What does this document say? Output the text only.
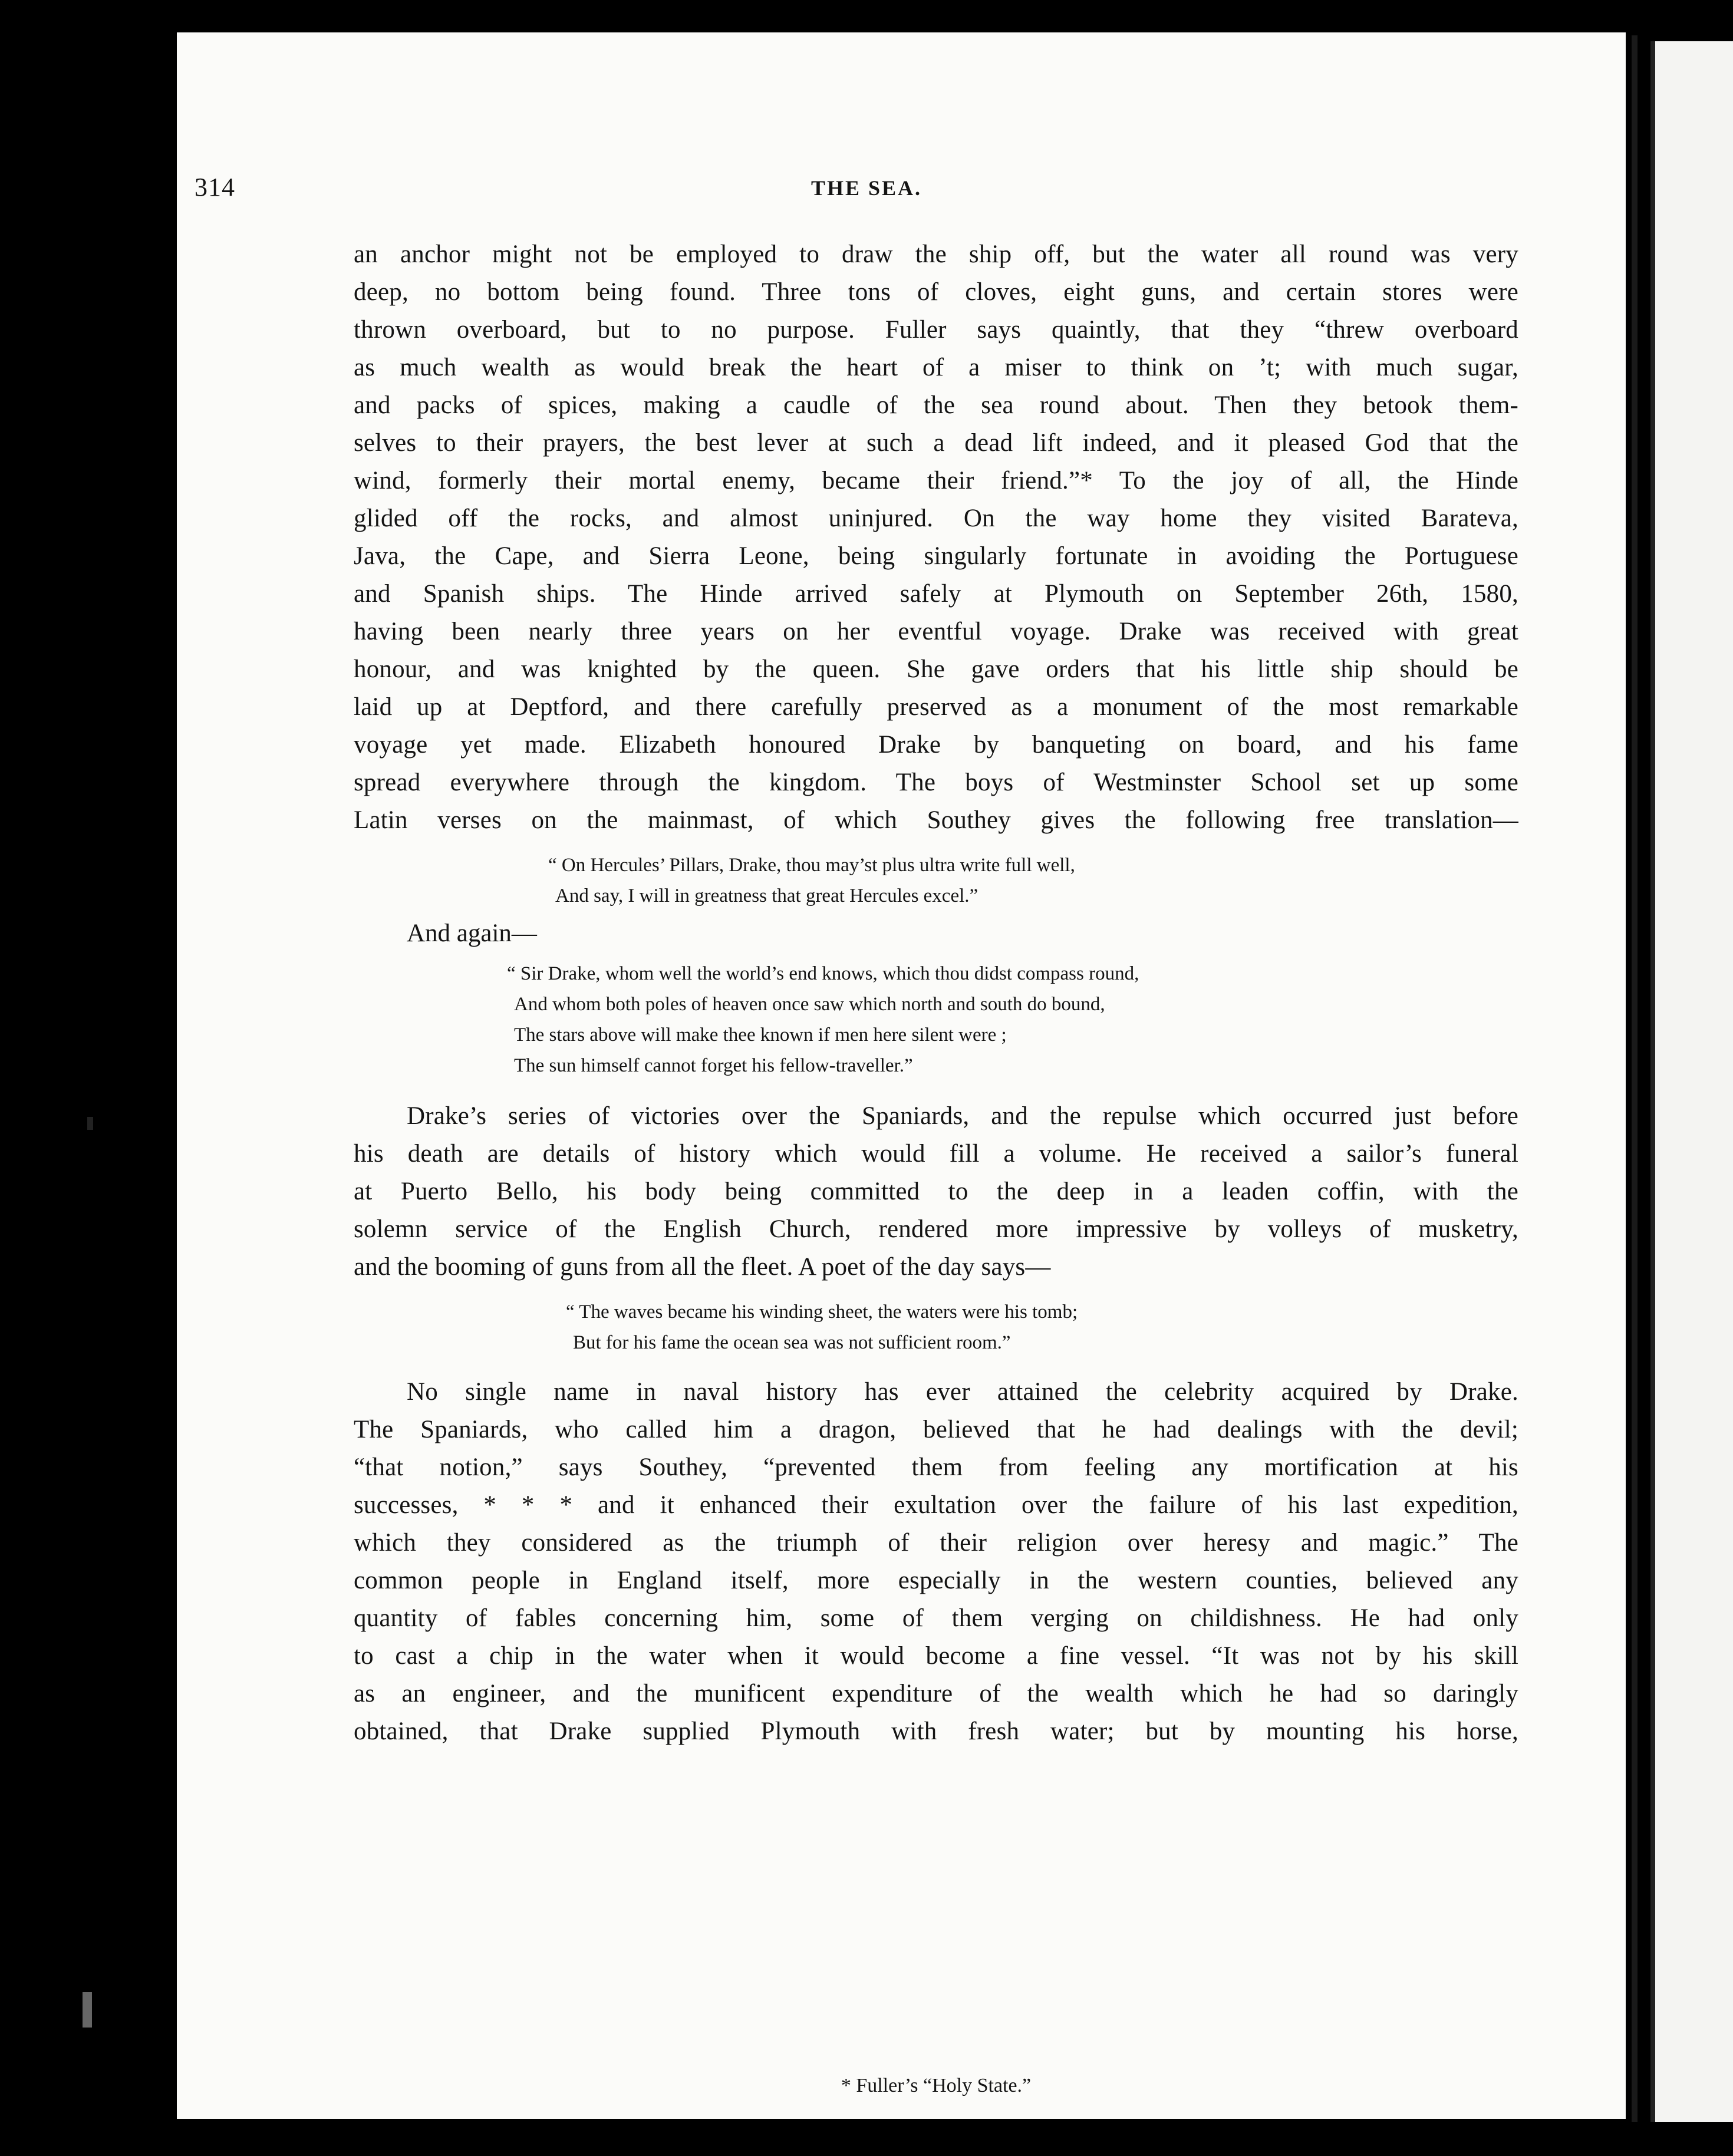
314	THE SEA.
an anchor might not be employed to draw the ship off, but the water all round was very
deep, no bottom being found. Three tons of cloves, eight guns, and certain stores were
thrown overboard, but to no purpose. Fuller says quaintly, that they “threw overboard
as much wealth as would break the heart of a miser to think on ’t; with much sugar,
and packs of spices, making a caudle of the sea round about. Then they betook them-
selves to their prayers, the best lever at such a dead lift indeed, and it pleased God that the
wind, formerly their mortal enemy, became their friend.”* To the joy of all, the Hinde
glided off the rocks, and almost uninjured. On the way home they visited Barateva,
Java, the Cape, and Sierra Leone, being singularly fortunate in avoiding the Portuguese
and Spanish ships. The Hinde arrived safely at Plymouth on September 26th, 1580,
having been nearly three years on her eventful voyage. Drake was received with great
honour, and was knighted by the queen. She gave orders that his little ship should be
laid up at Deptford, and there carefully preserved as a monument of the most remarkable
voyage yet made. Elizabeth honoured Drake by banqueting on board, and his fame
spread everywhere through the kingdom. The boys of Westminster School set up some
Latin verses on the mainmast, of which Southey gives the following free translation—
“ On Hercules’ Pillars, Drake, thou may’st plus ultra write full well,
And say, I will in greatness that great Hercules excel.”
And again—
“ Sir Drake, whom well the world’s end knows, which thou didst compass round,
And whom both poles of heaven once saw which north and south do bound,
The stars above will make thee known if men here silent were ;
The sun himself cannot forget his fellow-traveller.”
Drake’s series of victories over the Spaniards, and the repulse which occurred just before
his death are details of history which would fill a volume. He received a sailor’s funeral
at Puerto Bello, his body being committed to the deep in a leaden coffin, with the
solemn service of the English Church, rendered more impressive by volleys of musketry,
and the booming of guns from all the fleet. A poet of the day says—
“ The waves became his winding sheet, the waters were his tomb;
But for his fame the ocean sea was not sufficient room.”
No single name in naval history has ever attained the celebrity acquired by Drake.
The Spaniards, who called him a dragon, believed that he had dealings with the devil;
“that notion,” says Southey, “prevented them from feeling any mortification at his
successes, * * * and it enhanced their exultation over the failure of his last expedition,
which they considered as the triumph of their religion over heresy and magic.” The
common people in England itself, more especially in the western counties, believed any
quantity of fables concerning him, some of them verging on childishness. He had only
to cast a chip in the water when it would become a fine vessel. “It was not by his skill
as an engineer, and the munificent expenditure of the wealth which he had so daringly
obtained, that Drake supplied Plymouth with fresh water; but by mounting his horse,
* Fuller’s “Holy State.”
